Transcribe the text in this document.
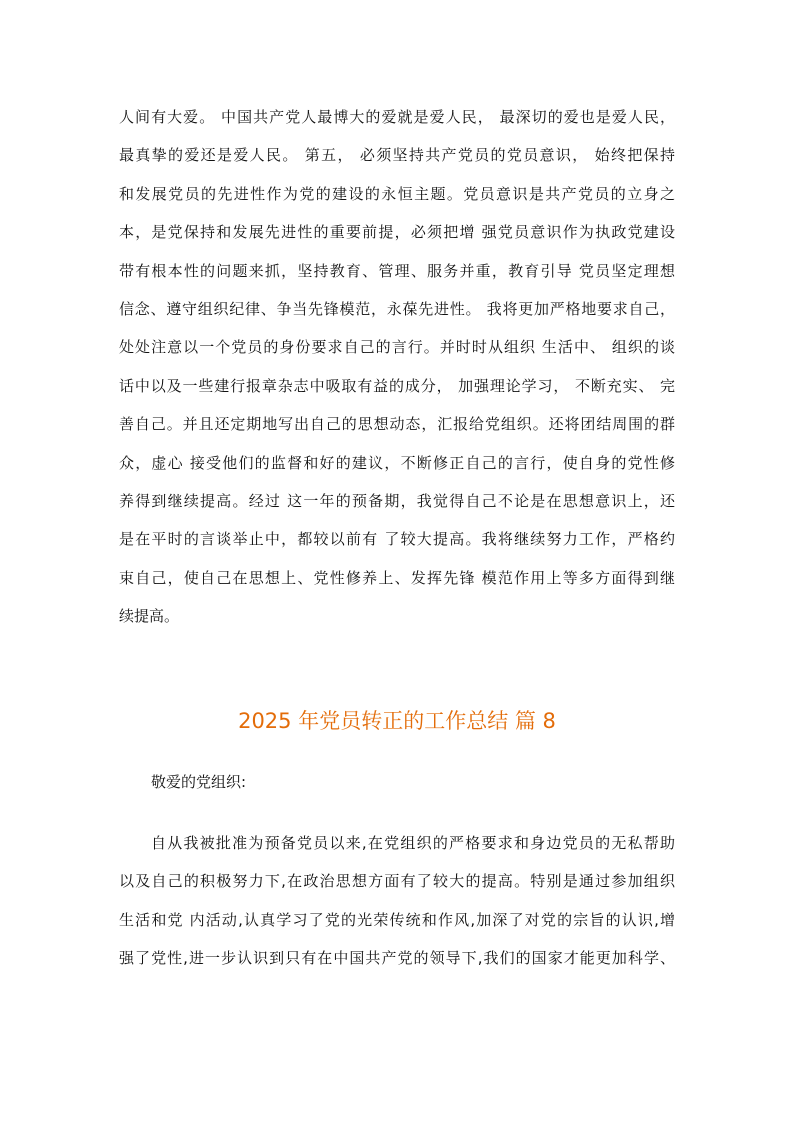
人间有大爱。 中国共产党人最博大的爱就是爱人民， 最深切的爱也是爱人民，
最真挚的爱还是爱人民。 第五， 必须坚持共产党员的党员意识， 始终把保持
和发展党员的先进性作为党的建设的永恒主题。党员意识是共产党员的立身之
本，是党保持和发展先进性的重要前提，必须把增 强党员意识作为执政党建设
带有根本性的问题来抓，坚持教育、管理、服务并重，教育引导 党员坚定理想
信念、遵守组织纪律、争当先锋模范，永葆先进性。 我将更加严格地要求自己，
处处注意以一个党员的身份要求自己的言行。并时时从组织 生活中、 组织的谈
话中以及一些建行报章杂志中吸取有益的成分， 加强理论学习， 不断充实、 完
善自己。并且还定期地写出自己的思想动态，汇报给党组织。还将团结周围的群
众，虚心 接受他们的监督和好的建议，不断修正自己的言行，使自身的党性修
养得到继续提高。经过 这一年的预备期，我觉得自己不论是在思想意识上，还
是在平时的言谈举止中，都较以前有 了较大提高。我将继续努力工作，严格约
束自己，使自己在思想上、党性修养上、发挥先锋 模范作用上等多方面得到继
续提高。
2025 年党员转正的工作总结 篇 8
敬爱的党组织:
自从我被批准为预备党员以来,在党组织的严格要求和身边党员的无私帮助
以及自己的积极努力下,在政治思想方面有了较大的提高。特别是通过参加组织
生活和党 内活动,认真学习了党的光荣传统和作风,加深了对党的宗旨的认识,增
强了党性,进一步认识到只有在中国共产党的领导下,我们的国家才能更加科学、
